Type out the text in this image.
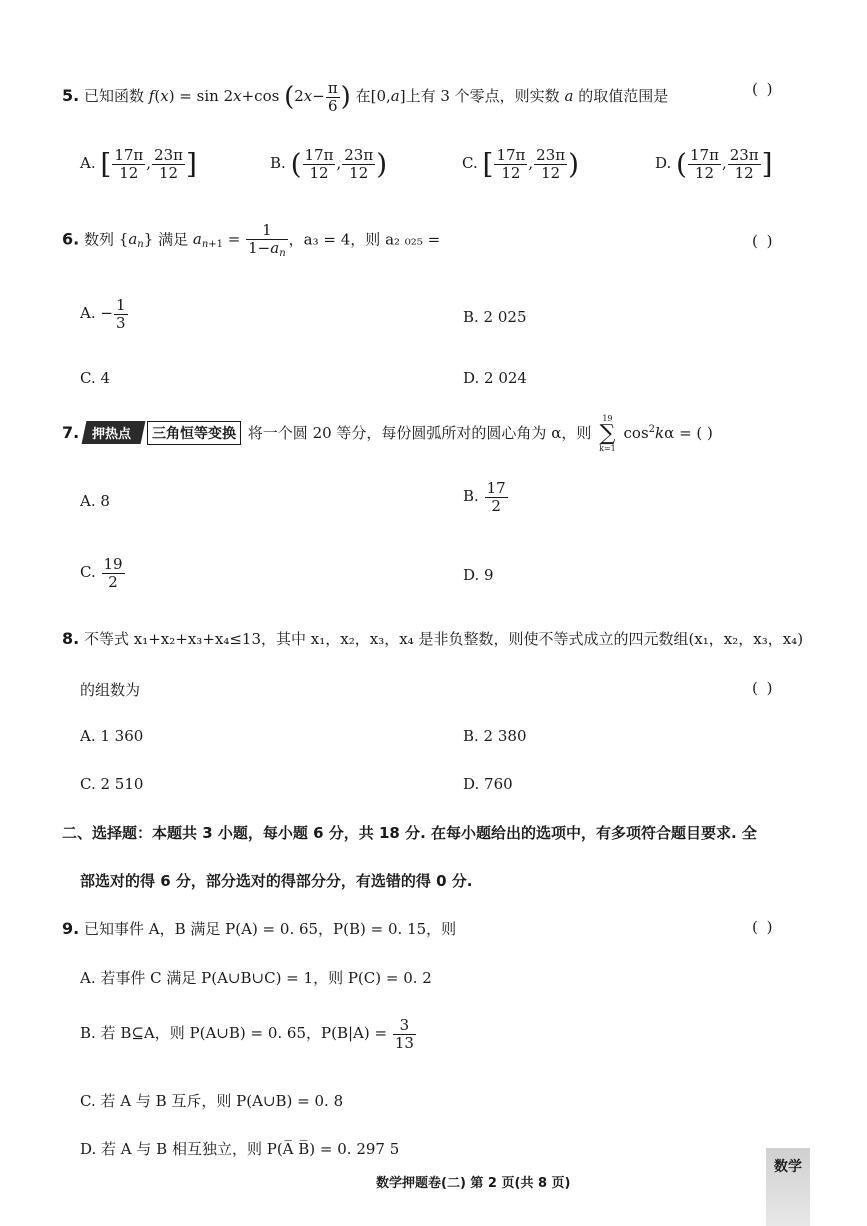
5. 已知函数 f(x) = sin 2x+cos ($2x- \frac{\pi}{6}$ ) 在[0,a]上有 3 个零点，则实数 a 的取值范围是	( )
A. [ $\frac{17\pi}{12}$ , $\frac{23\pi}{12}$ ]	B. ( $\frac{17\pi}{12}$ , $\frac{23\pi}{12}$ )	C. [ $\frac{17\pi}{12}$ , $\frac{23\pi}{12}$ )	D. ( $\frac{17\pi}{12}$ , $\frac{23\pi}{12}$ ]
6. 数列 $\{a_n\}$ 满足 $a_{n+1} = \frac{1}{1-a_n}$ ，a₃ = 4，则 a₂ ₀₂₅ =	( )
A. − $\frac{1}{3}$	B. 2 025
C. 4	D. 2 024
7. 押热点 三角恒等变换 将一个圆 20 等分，每份圆弧所对的圆心角为 α，则 19
∑
k=1 $\cos^2k\alpha$ = ( )
A. 8	B. $\frac{17}{2}$
C. $\frac{19}{2}$	D. 9
8. 不等式 x₁+x₂+x₃+x₄≤13，其中 x₁，x₂，x₃，x₄ 是非负整数，则使不等式成立的四元数组(x₁，x₂，x₃，x₄)
的组数为	( )
A. 1 360	B. 2 380
C. 2 510	D. 760
二、选择题：本题共 3 小题，每小题 6 分，共 18 分. 在每小题给出的选项中，有多项符合题目要求. 全
部选对的得 6 分，部分选对的得部分分，有选错的得 0 分.
9. 已知事件 A，B 满足 P(A) = 0. 65，P(B) = 0. 15，则	( )
A. 若事件 C 满足 P(A∪B∪C) = 1，则 P(C) = 0. 2
B. 若 B⊆A，则 P(A∪B) = 0. 65，$P(B|A) = \frac{3}{13}$
C. 若 A 与 B 互斥，则 P(A∪B) = 0. 8
D. 若 A 与 B 相互独立，则 P(A̅ B̅) = 0. 297 5
数学押题卷(二) 第 2 页(共 8 页)
数学
